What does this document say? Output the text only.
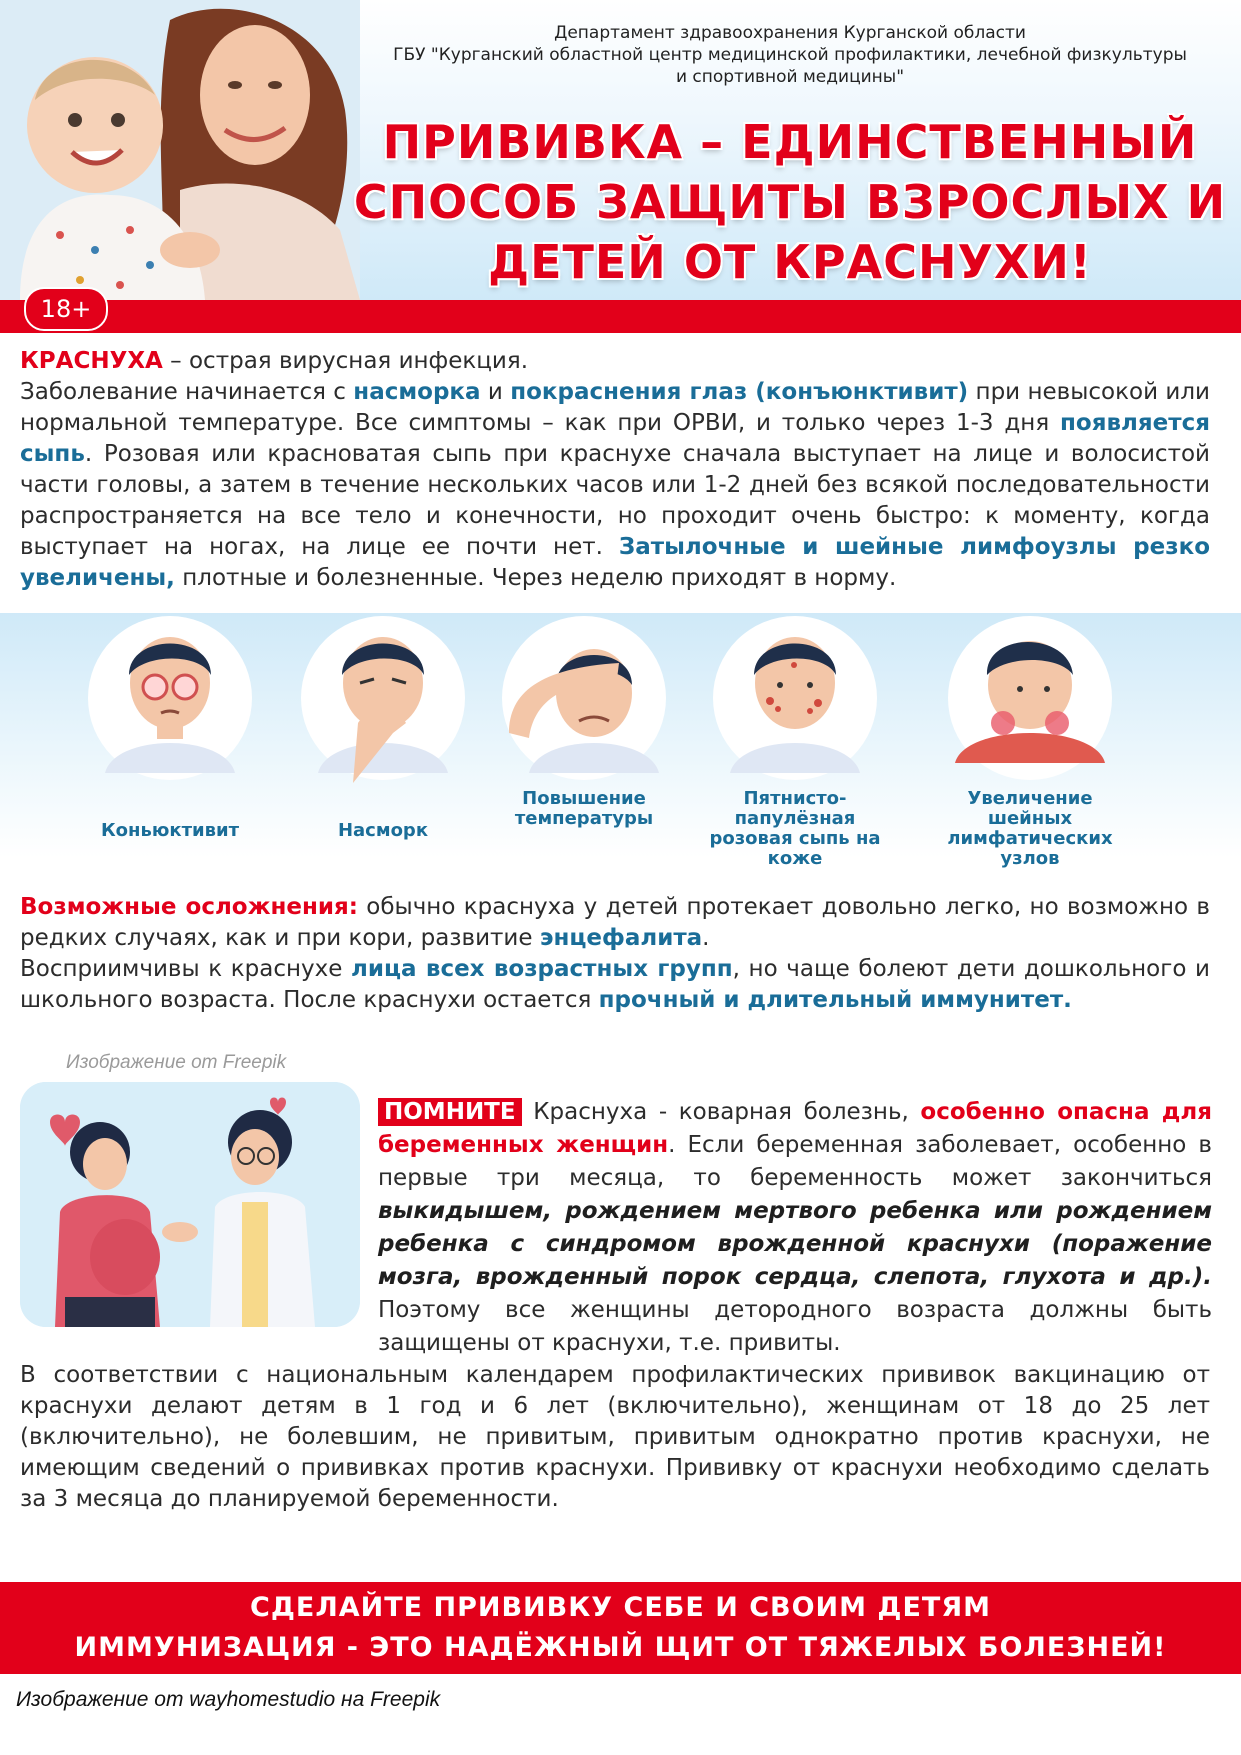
Департамент здравоохранения Курганской области
ГБУ "Курганский областной центр медицинской профилактики, лечебной физкультуры
и спортивной медицины"
ПРИВИВКА – ЕДИНСТВЕННЫЙ
СПОСОБ ЗАЩИТЫ ВЗРОСЛЫХ И
ДЕТЕЙ ОТ КРАСНУХИ!
18+
КРАСНУХА – острая вирусная инфекция.
Заболевание начинается с насморка и покраснения глаз (конъюнктивит) при невысокой или нормальной температуре. Все симптомы – как при ОРВИ, и только через 1-3 дня появляется сыпь. Розовая или красноватая сыпь при краснухе сначала выступает на лице и волосистой части головы, а затем в течение нескольких часов или 1-2 дней без всякой последовательности распространяется на все тело и конечности, но проходит очень быстро: к моменту, когда выступает на ногах, на лице ее почти нет. Затылочные и шейные лимфоузлы резко увеличены, плотные и болезненные. Через неделю приходят в норму.
Коньюктивит	Насморк
Повышение
температуры
Пятнисто-папулёзная
розовая сыпь на коже
Увеличение шейных
лимфатических узлов
Возможные осложнения: обычно краснуха у детей протекает довольно легко, но возможно в редких случаях, как и при кори, развитие энцефалита.
Восприимчивы к краснухе лица всех возрастных групп, но чаще болеют дети дошкольного и школьного возраста. После краснухи остается прочный и длительный иммунитет.
Изображение от Freepik
ПОМНИТЕ Краснуха - коварная болезнь, особенно опасна для беременных женщин. Если беременная заболевает, особенно в первые три месяца, то беременность может закончиться выкидышем, рождением мертвого ребенка или рождением ребенка с синдромом врожденной краснухи (поражение мозга, врожденный порок сердца, слепота, глухота и др.). Поэтому все женщины детородного возраста должны быть защищены от краснухи, т.е. привиты.
В соответствии с национальным календарем профилактических прививок вакцинацию от краснухи делают детям в 1 год и 6 лет (включительно), женщинам от 18 до 25 лет (включительно), не болевшим, не привитым, привитым однократно против краснухи, не имеющим сведений о прививках против краснухи. Прививку от краснухи необходимо сделать за 3 месяца до планируемой беременности.
СДЕЛАЙТЕ ПРИВИВКУ СЕБЕ И СВОИМ ДЕТЯМ
ИММУНИЗАЦИЯ - ЭТО НАДЁЖНЫЙ ЩИТ ОТ ТЯЖЕЛЫХ БОЛЕЗНЕЙ!
Изображение от wayhomestudio на Freepik
